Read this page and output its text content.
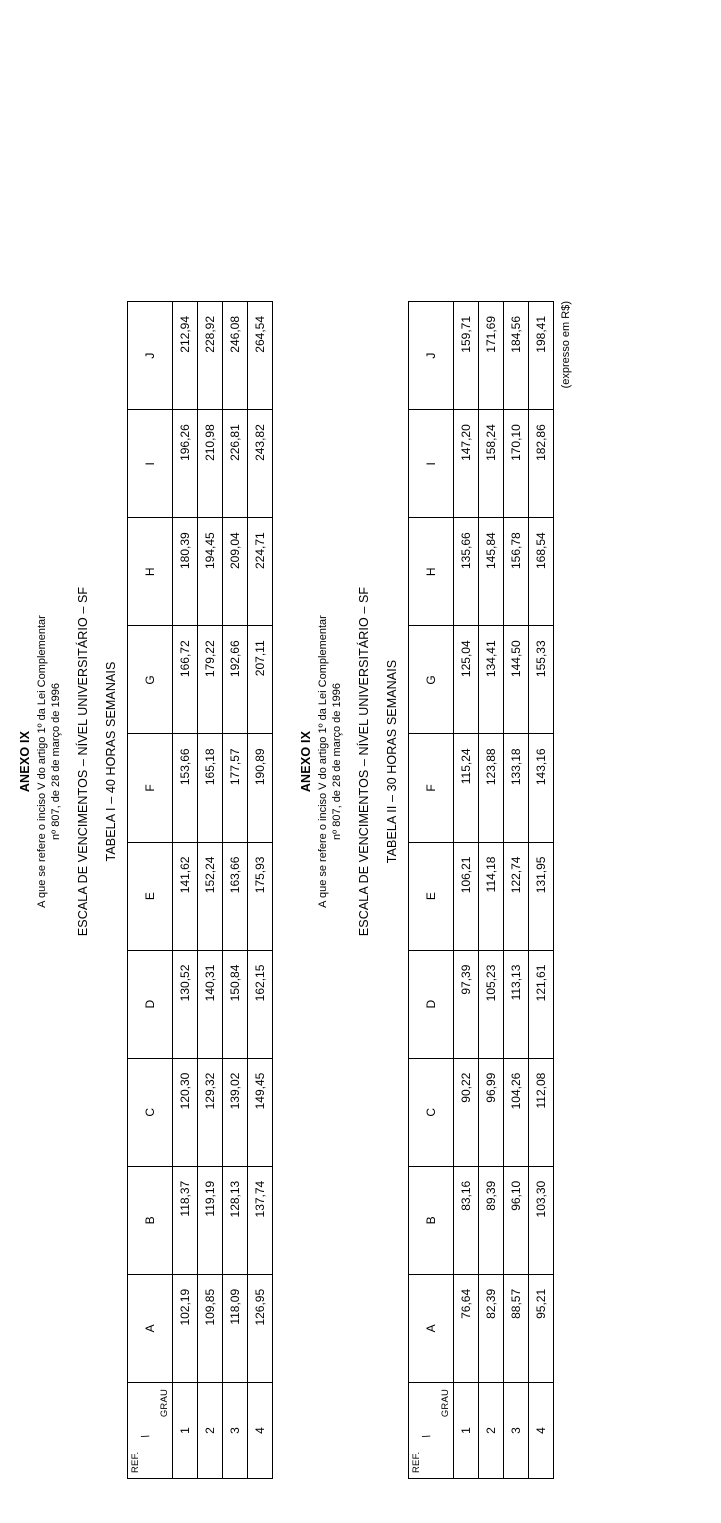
ANEXO IX A que se refere o inciso V do artigo 1º da Lei Complementar nº 807, de 28 de março de 1996 ESCALA DE VENCIMENTOS – NÍVEL UNIVERSITÁRIO – SF TABELA I – 40 HORAS SEMANAIS

REF.
\
GRAU	A	B	C	D	E	F	G	H	I	J
1	102,19	118,37	120,30	130,52	141,62	153,66	166,72	180,39	196,26	212,94
2	109,85	119,19	129,32	140,31	152,24	165,18	179,22	194,45	210,98	228,92
3	118,09	128,13	139,02	150,84	163,66	177,57	192,66	209,04	226,81	246,08
4	126,95	137,74	149,45	162,15	175,93	190,89	207,11	224,71	243,82	264,54

ANEXO IX A que se refere o inciso V do artigo 1º da Lei Complementar nº 807, de 28 de março de 1996 ESCALA DE VENCIMENTOS – NÍVEL UNIVERSITÁRIO – SF TABELA II – 30 HORAS SEMANAIS

REF.
\
GRAU	A	B	C	D	E	F	G	H	I	J
1	76,64	83,16	90,22	97,39	106,21	115,24	125,04	135,66	147,20	159,71
2	82,39	89,39	96,99	105,23	114,18	123,88	134,41	145,84	158,24	171,69
3	88,57	96,10	104,26	113,13	122,74	133,18	144,50	156,78	170,10	184,56
4	95,21	103,30	112,08	121,61	131,95	143,16	155,33	168,54	182,86	198,41 (expresso em R$)
